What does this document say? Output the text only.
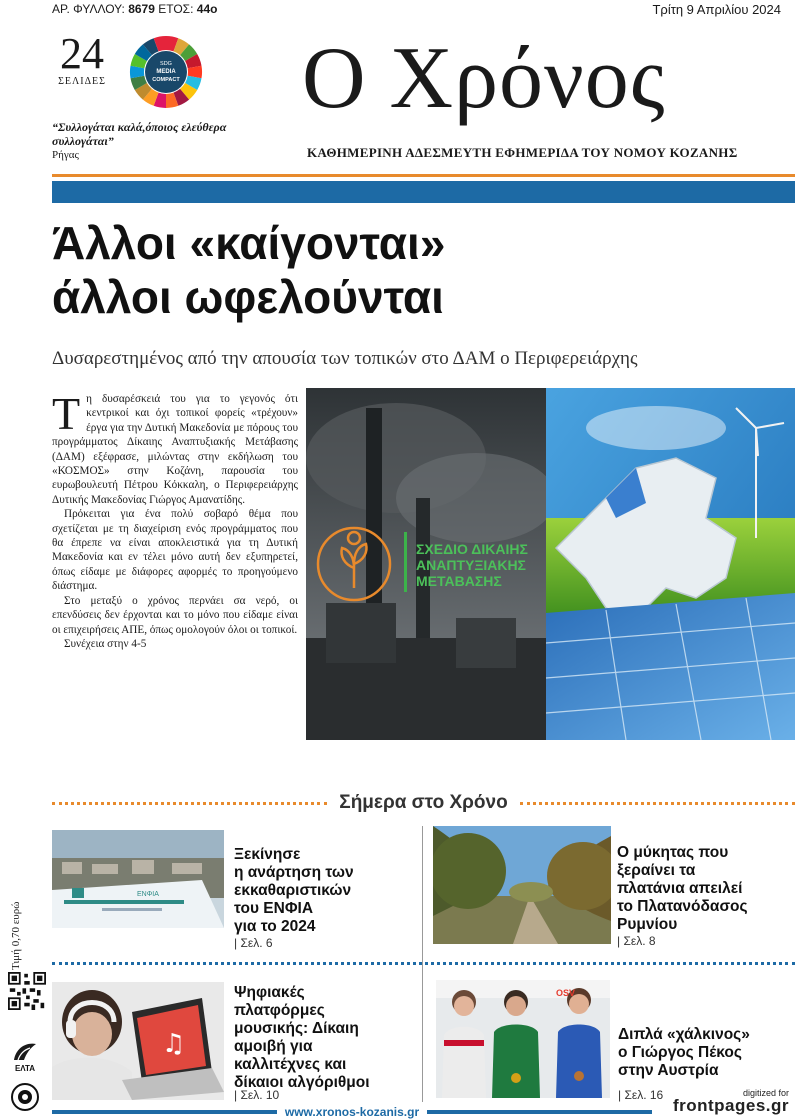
ΑΡ. ΦΥΛΛΟΥ: 8679 ΕΤΟΣ: 44ο	Τρίτη 9 Απριλίου 2024
24
ΣΕΛΙΔΕΣ
SDG
MEDIA
COMPACT
“Συλλογάται καλά,όποιος ελεύθερα συλλογάται”
Ρήγας
Ο Χρόνος
ΚΑΘΗΜΕΡΙΝΗ ΑΔΕΣΜΕΥΤΗ ΕΦΗΜΕΡΙΔΑ ΤΟΥ ΝΟΜΟΥ ΚΟΖΑΝΗΣ
Άλλοι «καίγονται»
άλλοι ωφελούνται
Δυσαρεστημένος από την απουσία των τοπικών στο ΔΑΜ ο Περιφερειάρχης

Τη δυσαρέσκειά του για το γεγονός ότι κεντρικοί και όχι τοπικοί φορείς «τρέχουν» έργα για την Δυτική Μακεδονία με πόρους του προγράμματος Δίκαιης Αναπτυξιακής Μετάβασης (ΔΑΜ) εξέφρασε, μιλώντας στην εκδήλωση του «ΚΟΣΜΟΣ» στην Κοζάνη, παρουσία του ευρωβουλευτή Πέτρου Κόκκαλη, ο Περιφερειάρχης Δυτικής Μακεδονίας Γιώργος Αμανατίδης.

Πρόκειται για ένα πολύ σοβαρό θέμα που σχετίζεται με τη διαχείριση ενός προγράμματος που θα έπρεπε να είναι αποκλειστικά για τη Δυτική Μακεδονία και εν τέλει μόνο αυτή δεν εξυπηρετεί, όπως είδαμε με διάφορες αφορμές το προηγούμενο διάστημα.

Στο μεταξύ ο χρόνος περνάει σα νερό, οι επενδύσεις δεν έρχονται και το μόνο που είδαμε είναι οι επιχειρήσεις ΑΠΕ, όπως ομολογούν όλοι οι τοπικοί.

Συνέχεια στην 4-5

ΣΧΕΔΙΟ ΔΙΚΑΙΗΣ
ΑΝΑΠΤΥΞΙΑΚΗΣ
ΜΕΤΑΒΑΣΗΣ
Σήμερα στο Χρόνο
ΕΝΦΙΑ
Ξεκίνησε
η ανάρτηση των
εκκαθαριστικών
του ΕΝΦΙΑ
για το 2024
| Σελ. 6
Ο μύκητας που
ξεραίνει τα
πλατάνια απειλεί
το Πλατανόδασος
Ρυμνίου
| Σελ. 8
♫
Ψηφιακές
πλατφόρμες
μουσικής: Δίκαιη
αμοιβή για
καλλιτέχνες και
δίκαιοι αλγόριθμοι
| Σελ. 10
OSV
Διπλά «χάλκινος»
ο Γιώργος Πέκος
στην Αυστρία
| Σελ. 16
Τιμή 0,70 ευρώ
ΕΛΤΑ
www.xronos-kozanis.gr
digitized for
frontpages.gr
